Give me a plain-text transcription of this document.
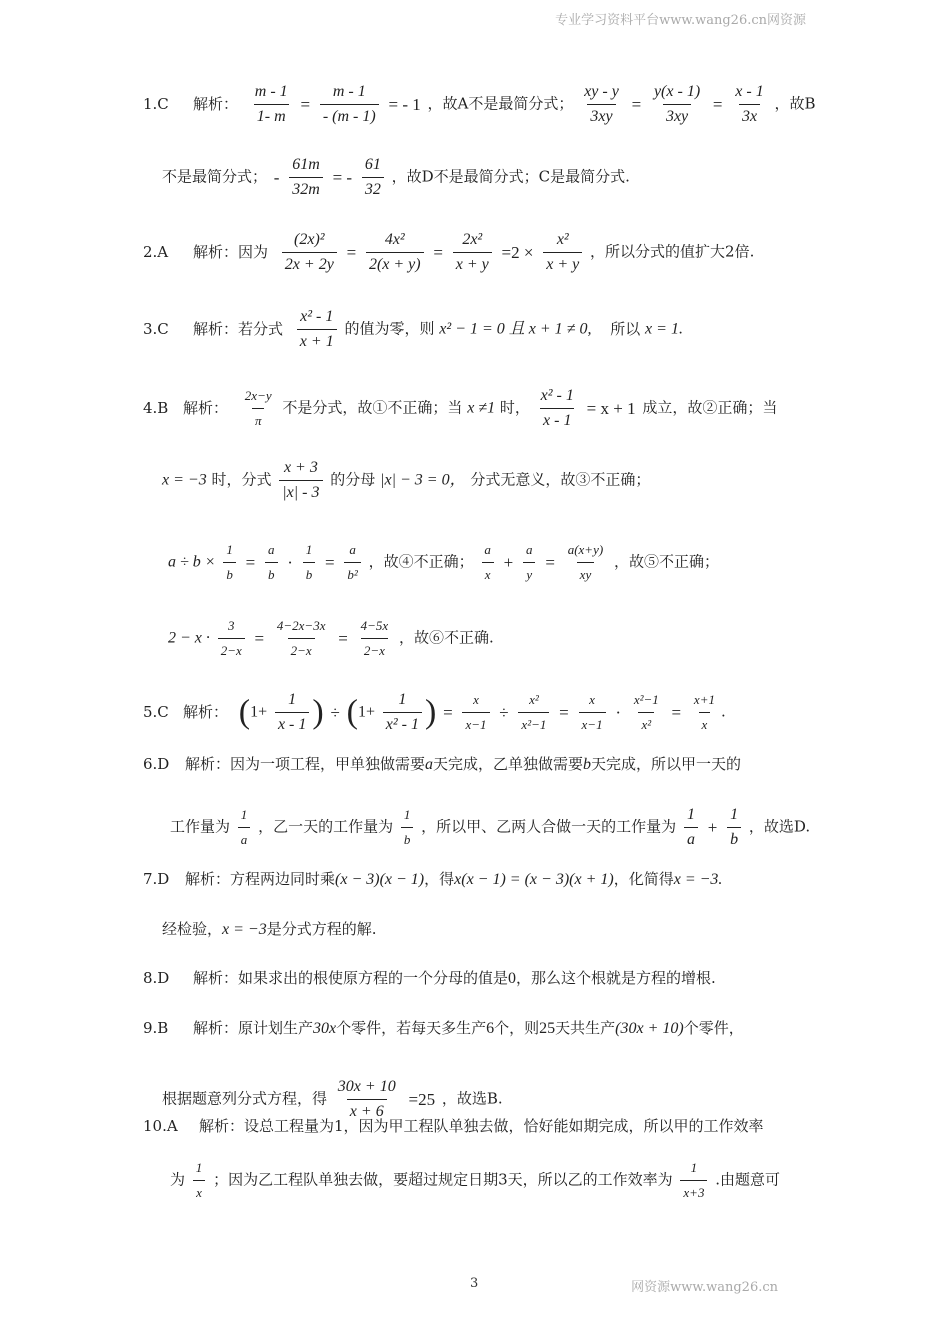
专业学习资料平台www.wang26.cn网资源
1.C 解析： $\frac{m - 1}{1- m} = \frac{m - 1}{- (m - 1)}$ = - 1 ，故A不是最简分式； $\frac{xy - y}{3xy} = \frac{y(x - 1)}{3xy} = \frac{x - 1}{3x}$ ，故B
不是最简分式； - $\frac{61m}{32m}$ = - $\frac{61}{32}$ ，故D不是最简分式；C是最简分式.
2.A 解析：因为 $\frac{\text{(2x)²}}{2x + 2y} = \frac{\text{4x²}}{2(x + y)} = \frac{\text{2x²}}{x + y} =2 \times \frac{\text{x²}}{x + y}$ ，所以分式的值扩大2倍.
3.C 解析：若分式 $\frac{\text{x² - 1}}{x + 1}$ 的值为零，则 x² − 1 = 0 且 x + 1 ≠ 0, 所以 x = 1.
4.B 解析： $\frac{2x-y}{\pi}$ 不是分式，故①不正确；当 x ≠1 时， $\frac{\text{x² - 1}}{x - 1} = x + 1$ 成立，故②正确；当
x = −3 时，分式 $\frac{x + 3}{|x| - 3}$ 的分母 |x| − 3 = 0， 分式无意义，故③不正确；
$a \div b \times \frac{1}{b} = \frac{a}{b} \cdot \frac{1}{b} = \frac{a}{\text{b²}}$ ，故④不正确； $\frac{a}{x} + \frac{a}{y} = \frac{a(x+y)}{xy}$ ，故⑤不正确；
$2 - x \cdot \frac{3}{2-x} = \frac{4-2x-3x}{2-x} = \frac{4-5x}{2-x}$ ，故⑥不正确.
5.C 解析： ($1+ \frac{1}{x - 1}$ ) ÷ ($1+ \frac{1}{\text{x² - 1}}$ ) = $\frac{x}{x-1} \div \frac{\text{x²}}{\text{x²−1}} = \frac{x}{x-1} \cdot \frac{\text{x²−1}}{\text{x²}} = \frac{x+1}{x}$ .
6.D 解析：因为一项工程，甲单独做需要a天完成，乙单独做需要b天完成，所以甲一天的
工作量为 $\frac{1}{a}$ ，乙一天的工作量为 $\frac{1}{b}$ ，所以甲、乙两人合做一天的工作量为 $\frac{1}{a} + \frac{1}{b}$ ，故选D.
7.D 解析：方程两边同时乘(x − 3)(x − 1)，得x(x − 1) = (x − 3)(x + 1)，化简得x = −3.
经检验，x = −3是分式方程的解.
8.D 解析：如果求出的根使原方程的一个分母的值是0，那么这个根就是方程的增根.
9.B 解析：原计划生产30x个零件，若每天多生产6个，则25天共生产(30x + 10)个零件，
根据题意列分式方程，得 $\frac{30x + 10}{x + 6} =25$ ，故选B.
10.A 解析：设总工程量为1，因为甲工程队单独去做，恰好能如期完成，所以甲的工作效率
为 $\frac{1}{x}$ ；因为乙工程队单独去做，要超过规定日期3天，所以乙的工作效率为 $\frac{1}{x+3}$ .由题意可
3	网资源www.wang26.cn
